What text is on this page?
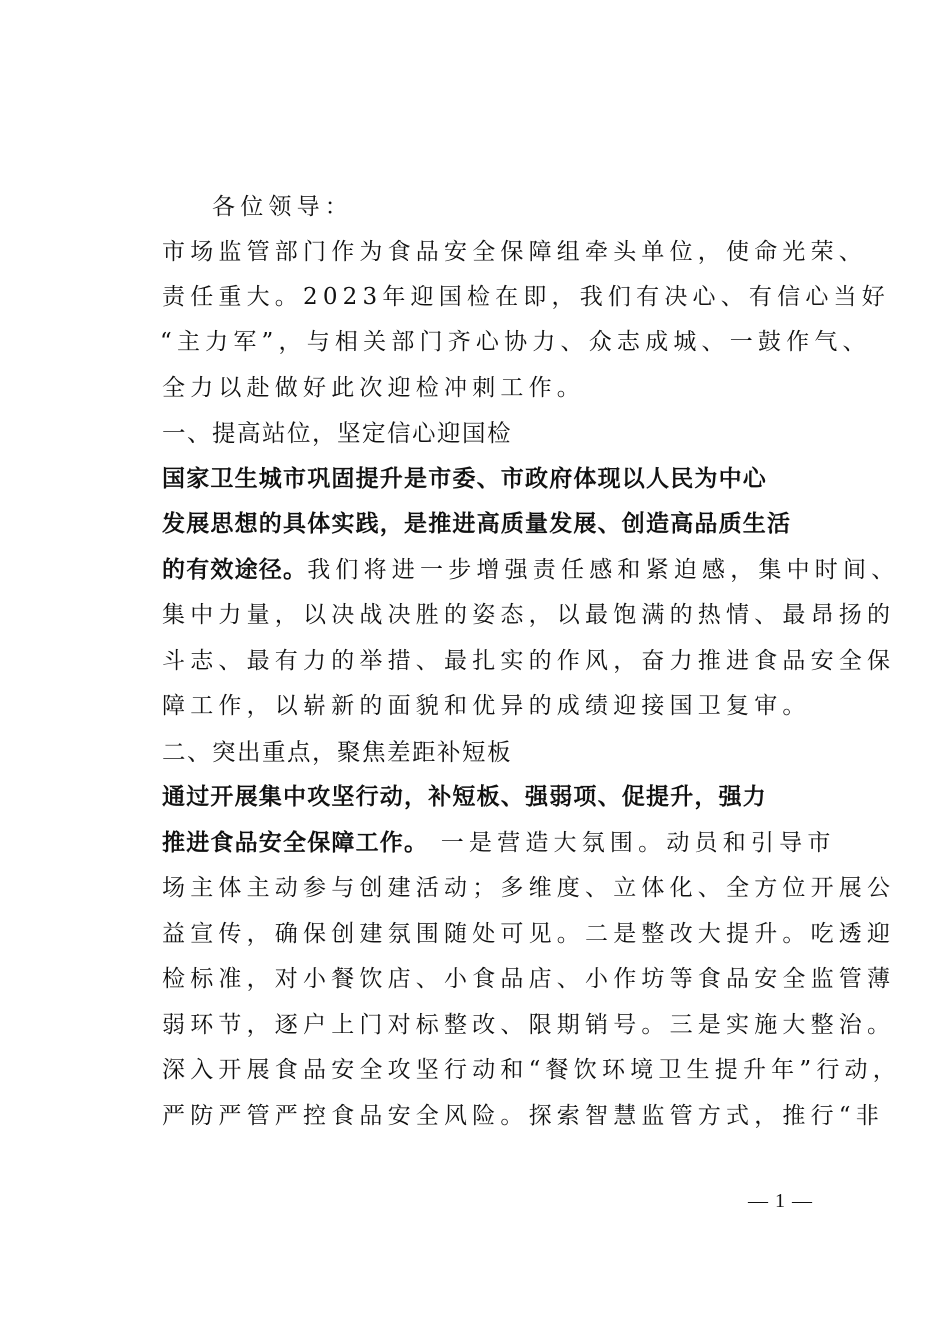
各位领导：
市场监管部门作为食品安全保障组牵头单位，使命光荣、
责任重大。2023年迎国检在即，我们有决心、有信心当好
“主力军”，与相关部门齐心协力、众志成城、一鼓作气、
全力以赴做好此次迎检冲刺工作。
一、提高站位，坚定信心迎国检
国家卫生城市巩固提升是市委、市政府体现以人民为中心
发展思想的具体实践，是推进高质量发展、创造高品质生活
的有效途径。我们将进一步增强责任感和紧迫感，集中时间、
集中力量，以决战决胜的姿态，以最饱满的热情、最昂扬的
斗志、最有力的举措、最扎实的作风，奋力推进食品安全保
障工作，以崭新的面貌和优异的成绩迎接国卫复审。
二、突出重点，聚焦差距补短板
通过开展集中攻坚行动，补短板、强弱项、促提升，强力
推进食品安全保障工作。 一是营造大氛围。动员和引导市
场主体主动参与创建活动；多维度、立体化、全方位开展公
益宣传，确保创建氛围随处可见。二是整改大提升。吃透迎
检标准，对小餐饮店、小食品店、小作坊等食品安全监管薄
弱环节，逐户上门对标整改、限期销号。三是实施大整治。
深入开展食品安全攻坚行动和“餐饮环境卫生提升年”行动，
严防严管严控食品安全风险。探索智慧监管方式，推行“非
— 1 —
